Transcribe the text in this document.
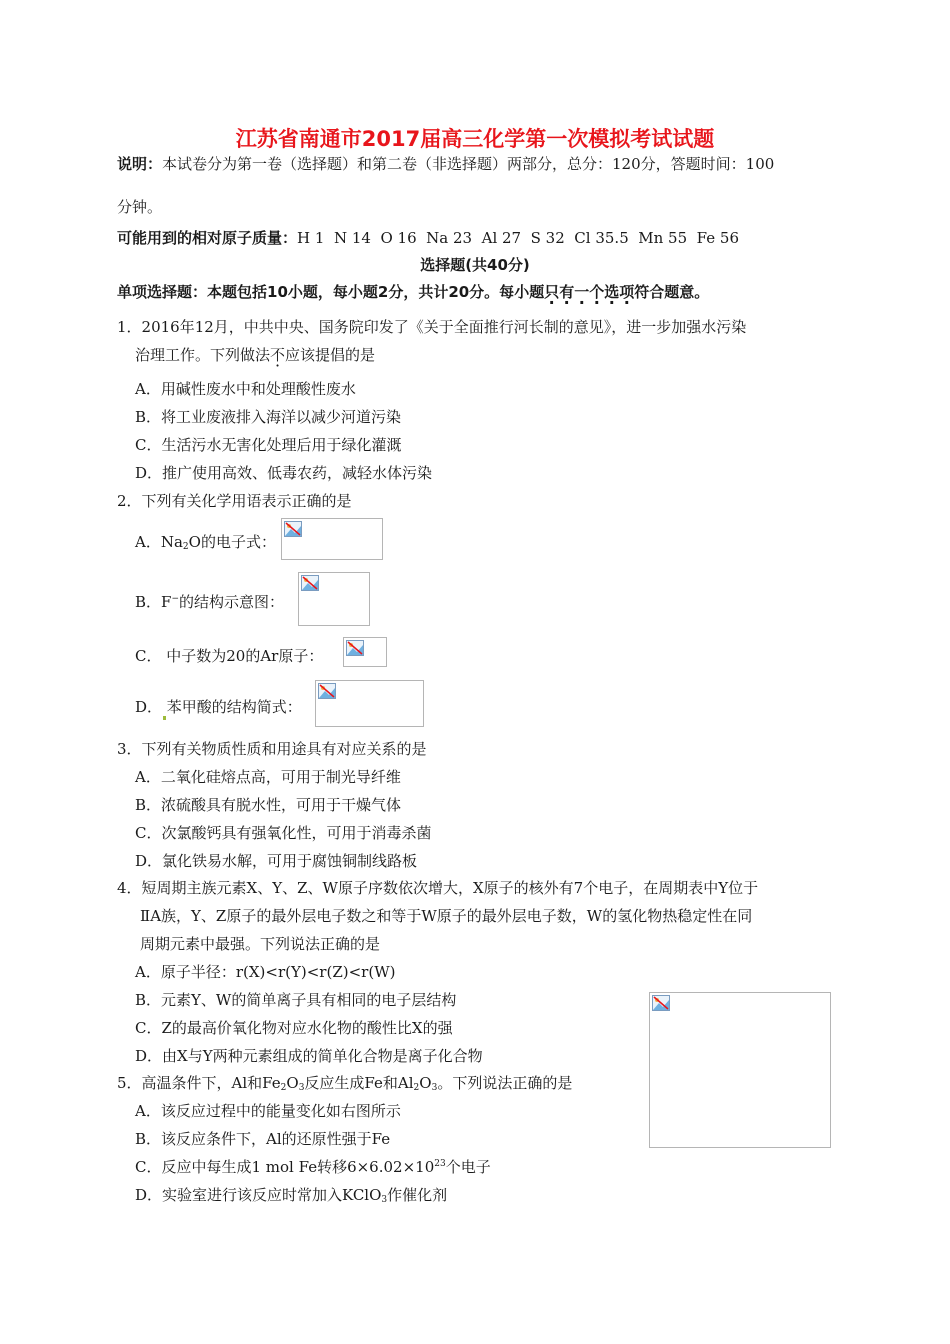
江苏省南通市2017届高三化学第一次模拟考试试题
说明：本试卷分为第一卷（选择题）和第二卷（非选择题）两部分，总分：120分，答题时间：100
分钟。
可能用到的相对原子质量：H 1  N 14  O 16  Na 23  Al 27  S 32  Cl 35.5  Mn 55  Fe 56
选择题(共40分)
单项选择题：本题包括10小题，每小题2分，共计20分。每小题只有一个选项符合题意。
1．2016年12月，中共中央、国务院印发了《关于全面推行河长制的意见》，进一步加强水污染
治理工作。下列做法不应该提倡的是
A．用碱性废水中和处理酸性废水
B．将工业废液排入海洋以减少河道污染
C．生活污水无害化处理后用于绿化灌溉
D．推广使用高效、低毒农药，减轻水体污染
2．下列有关化学用语表示正确的是
A．$Na_2O$的电子式：
B．F−的结构示意图：
C． 中子数为20的Ar原子：
D． 苯甲酸的结构简式：
3．下列有关物质性质和用途具有对应关系的是
A．二氧化硅熔点高，可用于制光导纤维
B．浓硫酸具有脱水性，可用于干燥气体
C．次氯酸钙具有强氧化性，可用于消毒杀菌
D．氯化铁易水解，可用于腐蚀铜制线路板
4．短周期主族元素X、Y、Z、W原子序数依次增大，X原子的核外有7个电子，在周期表中Y位于
ⅡA族，Y、Z原子的最外层电子数之和等于W原子的最外层电子数，W的氢化物热稳定性在同
周期元素中最强。下列说法正确的是
A．原子半径：r(X)<r(Y)<r(Z)<r(W)
B．元素Y、W的简单离子具有相同的电子层结构
C．Z的最高价氧化物对应水化物的酸性比X的强
D．由X与Y两种元素组成的简单化合物是离子化合物
5．高温条件下，Al和$Fe_2O_3$反应生成Fe和$Al_2O_3$。下列说法正确的是
A．该反应过程中的能量变化如右图所示
B．该反应条件下，Al的还原性强于Fe
C．反应中每生成1 mol Fe转移$6\times 6.02\times 10^{23}$个电子
D．实验室进行该反应时常加入KClO$_3$作催化剂
